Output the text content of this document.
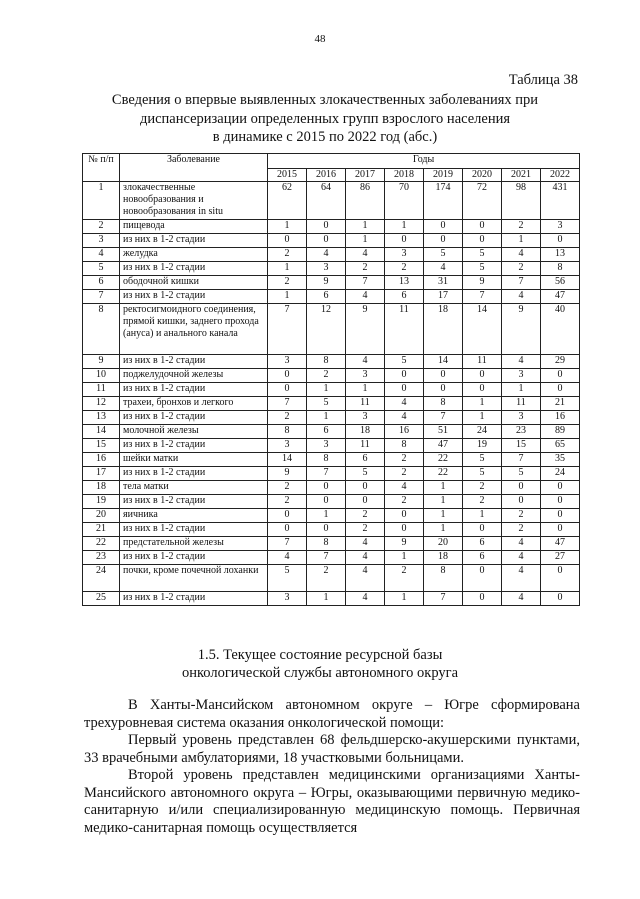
48
Таблица 38
Сведения о впервые выявленных злокачественных заболеваниях при
диспансеризации определенных групп взрослого населения
в динамике с 2015 по 2022 год (абс.)
№ п/п	Заболевание	Годы							
		2015	2016	2017	2018	2019	2020	2021	2022
1	злокачественные новообразования и новообразования in situ	62	64	86	70	174	72	98	431
2	пищевода	1	0	1	1	0	0	2	3
3	из них в 1-2 стадии	0	0	1	0	0	0	1	0
4	желудка	2	4	4	3	5	5	4	13
5	из них в 1-2 стадии	1	3	2	2	4	5	2	8
6	ободочной кишки	2	9	7	13	31	9	7	56
7	из них в 1-2 стадии	1	6	4	6	17	7	4	47
8	ректосигмоидного соединения, прямой кишки, заднего прохода (ануса) и анального канала	7	12	9	11	18	14	9	40
9	из них в 1-2 стадии	3	8	4	5	14	11	4	29
10	поджелудочной железы	0	2	3	0	0	0	3	0
11	из них в 1-2 стадии	0	1	1	0	0	0	1	0
12	трахеи, бронхов и легкого	7	5	11	4	8	1	11	21
13	из них в 1-2 стадии	2	1	3	4	7	1	3	16
14	молочной железы	8	6	18	16	51	24	23	89
15	из них в 1-2 стадии	3	3	11	8	47	19	15	65
16	шейки матки	14	8	6	2	22	5	7	35
17	из них в 1-2 стадии	9	7	5	2	22	5	5	24
18	тела матки	2	0	0	4	1	2	0	0
19	из них в 1-2 стадии	2	0	0	2	1	2	0	0
20	яичника	0	1	2	0	1	1	2	0
21	из них в 1-2 стадии	0	0	2	0	1	0	2	0
22	предстательной железы	7	8	4	9	20	6	4	47
23	из них в 1-2 стадии	4	7	4	1	18	6	4	27
24	почки, кроме почечной лоханки	5	2	4	2	8	0	4	0
25	из них в 1-2 стадии	3	1	4	1	7	0	4	0
1.5. Текущее состояние ресурсной базы
онкологической службы автономного округа

В Ханты-Мансийском автономном округе – Югре сформирована трехуровневая система оказания онкологической помощи:

Первый уровень представлен 68 фельдшерско-акушерскими пунктами, 33 врачебными амбулаториями, 18 участковыми больницами.

Второй уровень представлен медицинскими организациями Ханты-Мансийского автономного округа – Югры, оказывающими первичную медико-санитарную и/или специализированную медицинскую помощь. Первичная медико-санитарная помощь осуществляется
